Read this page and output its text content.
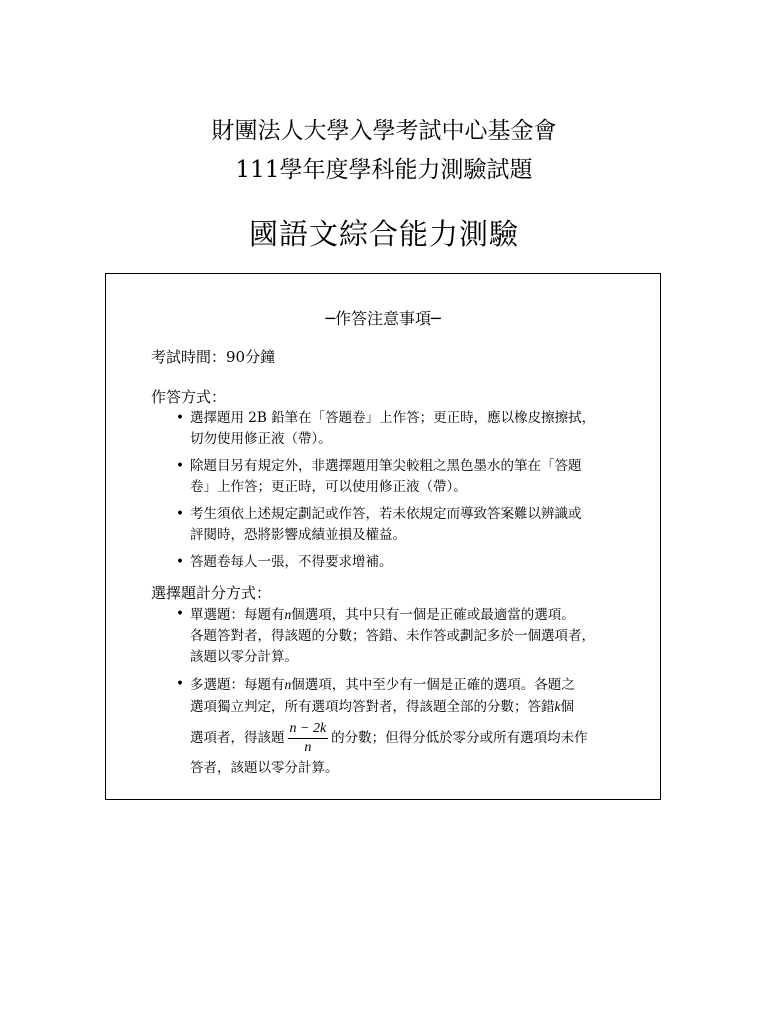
財團法人大學入學考試中心基金會
111學年度學科能力測驗試題
國語文綜合能力測驗
─作答注意事項─
考試時間：90分鐘
作答方式：
• 選擇題用 2B 鉛筆在「答題卷」上作答；更正時，應以橡皮擦擦拭，
切勿使用修正液（帶）。
• 除題目另有規定外，非選擇題用筆尖較粗之黑色墨水的筆在「答題
卷」上作答；更正時，可以使用修正液（帶）。
• 考生須依上述規定劃記或作答，若未依規定而導致答案難以辨識或
評閱時，恐將影響成績並損及權益。
• 答題卷每人一張，不得要求增補。
選擇題計分方式：
• 單選題：每題有n個選項，其中只有一個是正確或最適當的選項。
各題答對者，得該題的分數；答錯、未作答或劃記多於一個選項者，
該題以零分計算。
• 多選題：每題有n個選項，其中至少有一個是正確的選項。各題之
選項獨立判定，所有選項均答對者，得該題全部的分數；答錯k個
選項者，得該題 $\frac{n - 2k}{n}$ 的分數；但得分低於零分或所有選項均未作
答者，該題以零分計算。
